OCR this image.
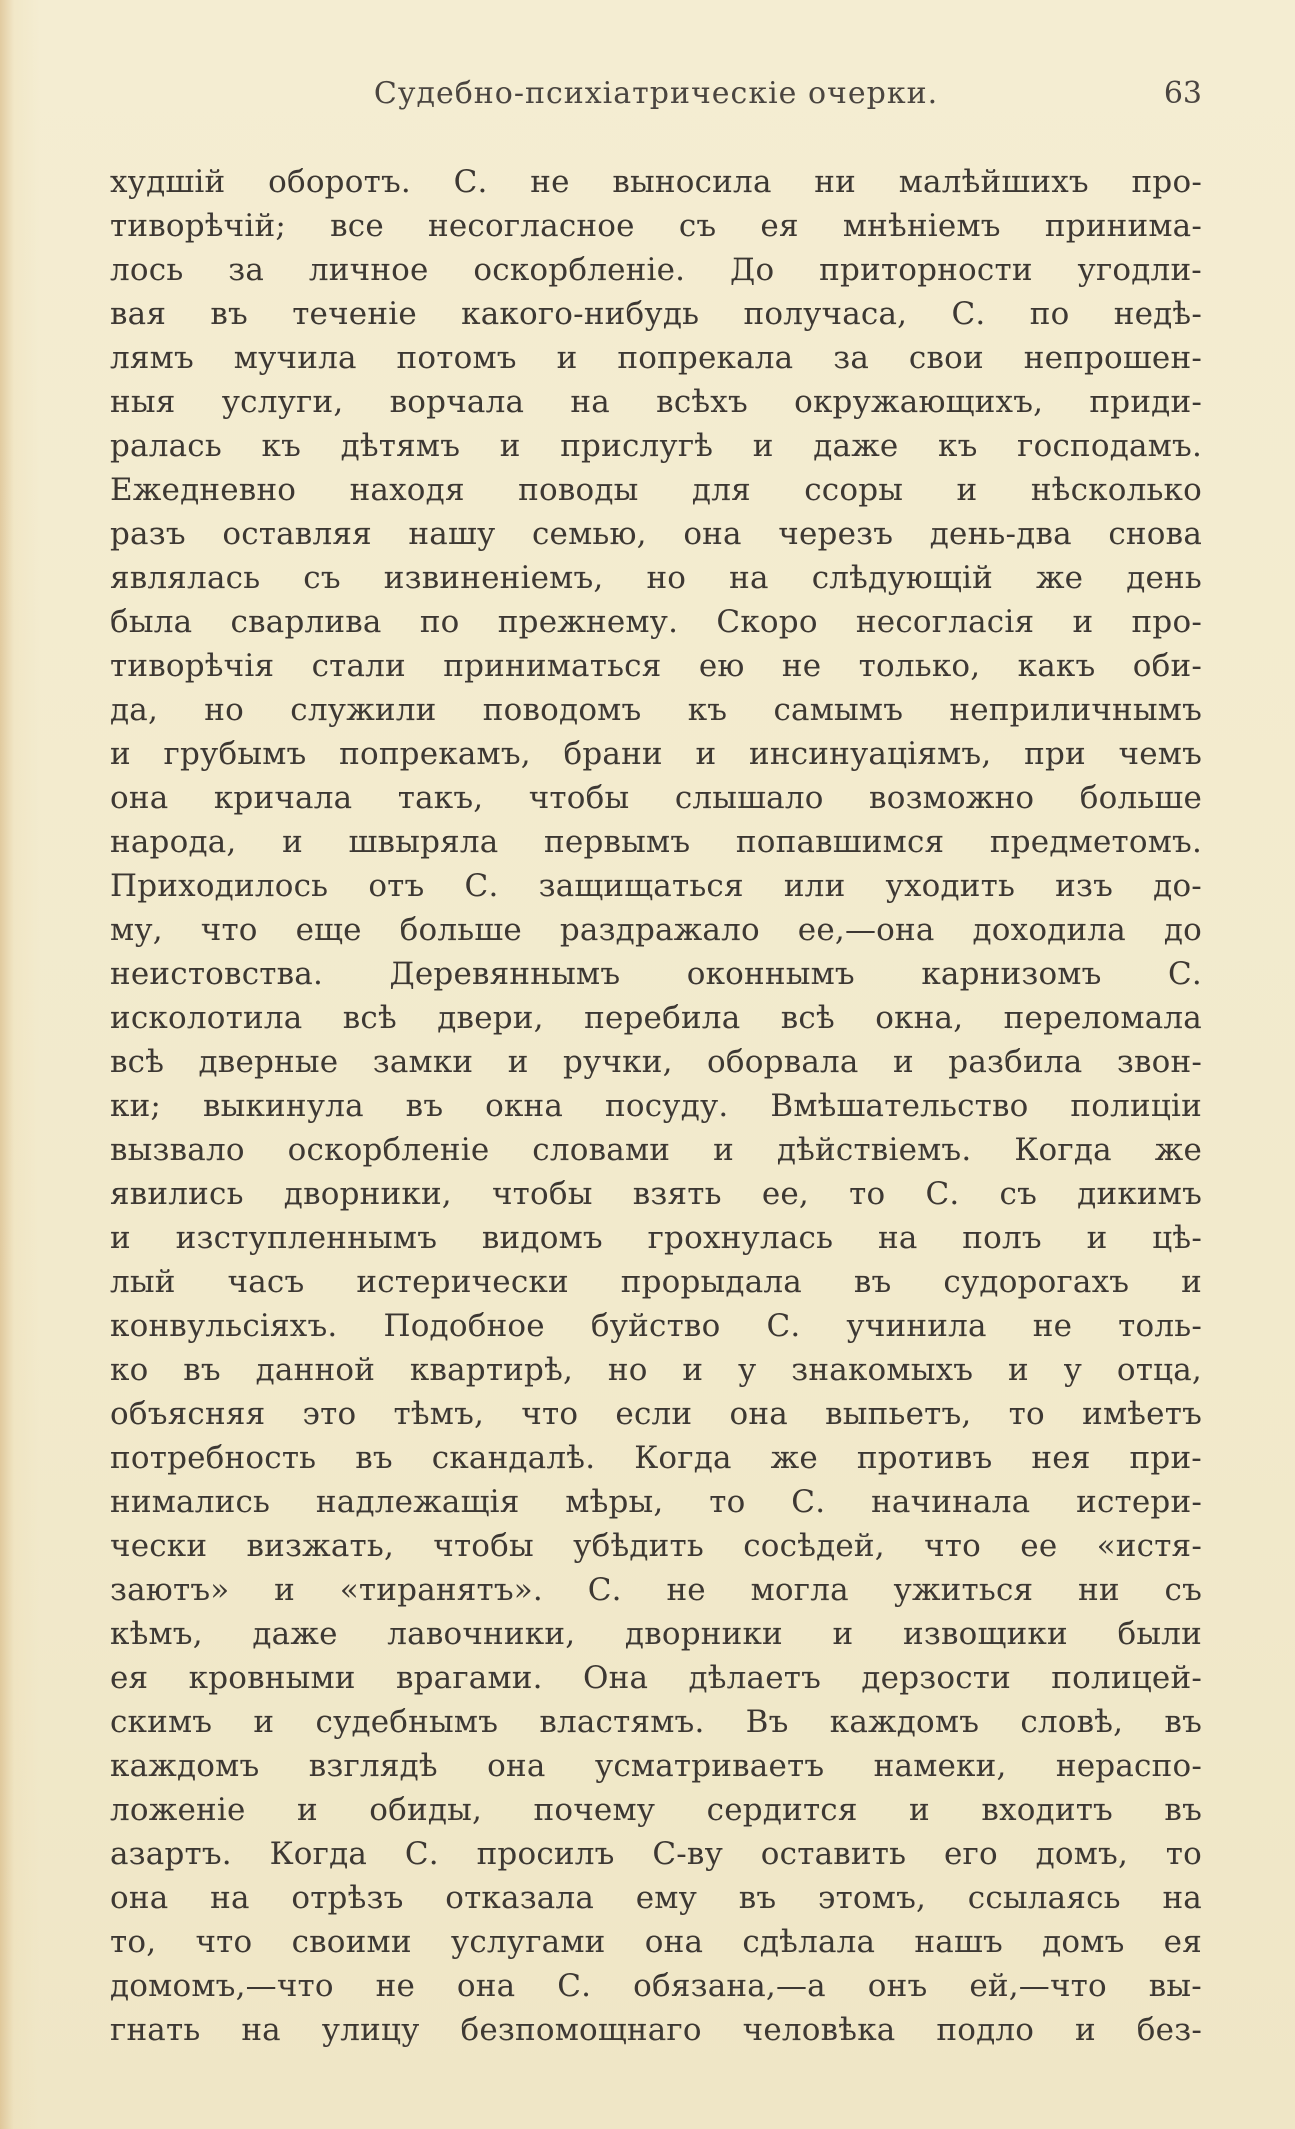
Судебно-психіатрическіе очерки.	63
худшій оборотъ. С. не выносила ни малѣйшихъ про-
тиворѣчій; все несогласное съ ея мнѣніемъ принима-
лось за личное оскорбленіе. До приторности угодли-
вая въ теченіе какого-нибудь получаса, С. по недѣ-
лямъ мучила потомъ и попрекала за свои непрошен-
ныя услуги, ворчала на всѣхъ окружающихъ, приди-
ралась къ дѣтямъ и прислугѣ и даже къ господамъ.
Ежедневно находя поводы для ссоры и нѣсколько
разъ оставляя нашу семью, она черезъ день-два снова
являлась съ извиненіемъ, но на слѣдующій же день
была сварлива по прежнему. Скоро несогласія и про-
тиворѣчія стали приниматься ею не только, какъ оби-
да, но служили поводомъ къ самымъ неприличнымъ
и грубымъ попрекамъ, брани и инсинуаціямъ, при чемъ
она кричала такъ, чтобы слышало возможно больше
народа, и швыряла первымъ попавшимся предметомъ.
Приходилось отъ С. защищаться или уходить изъ до-
му, что еще больше раздражало ее,—она доходила до
неистовства. Деревяннымъ оконнымъ карнизомъ С.
исколотила всѣ двери, перебила всѣ окна, переломала
всѣ дверные замки и ручки, оборвала и разбила звон-
ки; выкинула въ окна посуду. Вмѣшательство полиціи
вызвало оскорбленіе словами и дѣйствіемъ. Когда же
явились дворники, чтобы взять ее, то С. съ дикимъ
и изступленнымъ видомъ грохнулась на полъ и цѣ-
лый часъ истерически прорыдала въ судорогахъ и
конвульсіяхъ. Подобное буйство С. учинила не толь-
ко въ данной квартирѣ, но и у знакомыхъ и у отца,
объясняя это тѣмъ, что если она выпьетъ, то имѣетъ
потребность въ скандалѣ. Когда же противъ нея при-
нимались надлежащія мѣры, то С. начинала истери-
чески визжать, чтобы убѣдить сосѣдей, что ее «истя-
заютъ» и «тиранятъ». С. не могла ужиться ни съ
кѣмъ, даже лавочники, дворники и извощики были
ея кровными врагами. Она дѣлаетъ дерзости полицей-
скимъ и судебнымъ властямъ. Въ каждомъ словѣ, въ
каждомъ взглядѣ она усматриваетъ намеки, нераспо-
ложеніе и обиды, почему сердится и входитъ въ
азартъ. Когда С. просилъ С-ву оставить его домъ, то
она на отрѣзъ отказала ему въ этомъ, ссылаясь на
то, что своими услугами она сдѣлала нашъ домъ ея
домомъ,—что не она С. обязана,—а онъ ей,—что вы-
гнать на улицу безпомощнаго человѣка подло и без-
